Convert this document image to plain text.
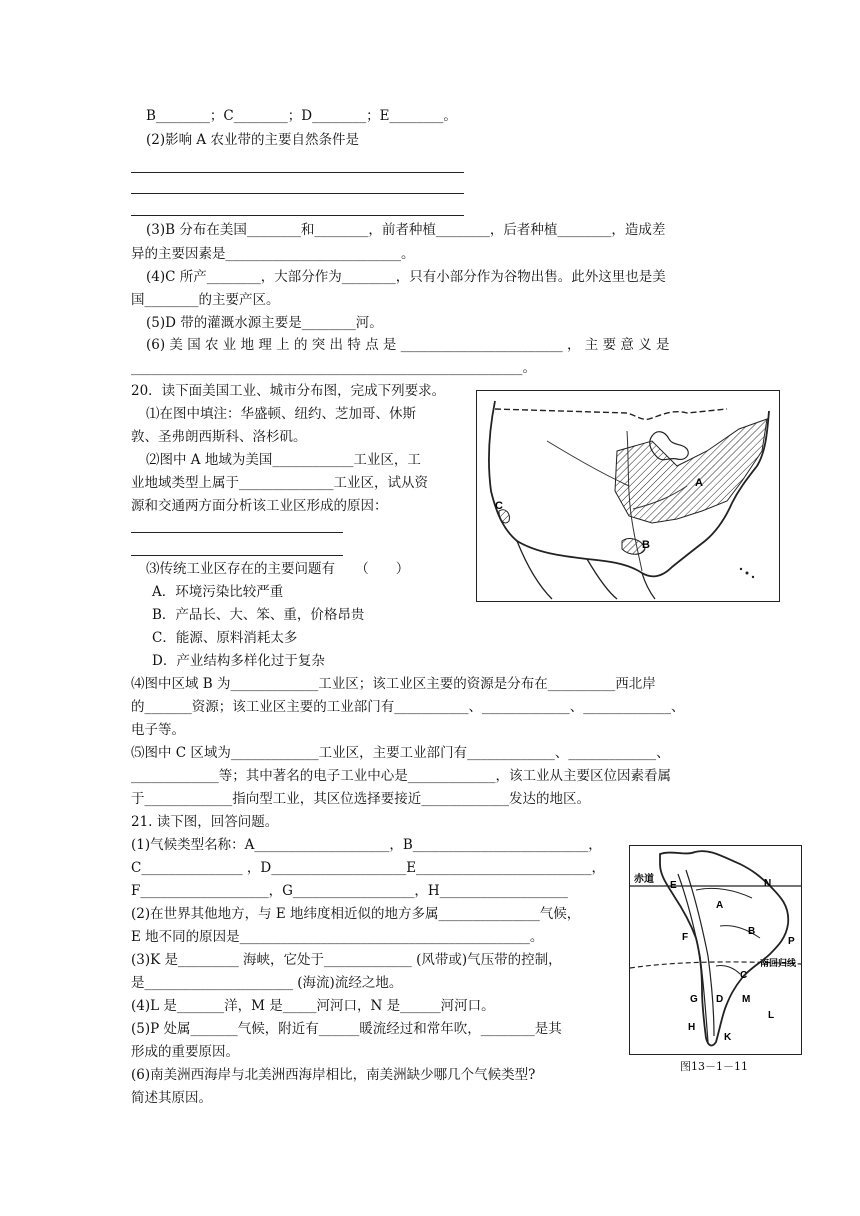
B________；C________；D________；E________。
(2)影响 A 农业带的主要自然条件是
(3)B 分布在美国________和________，前者种植________，后者种植________，造成差
异的主要因素是__________________________。
(4)C 所产________，大部分作为________，只有小部分作为谷物出售。此外这里也是美
国________的主要产区。
(5)D 带的灌溉水源主要是________河。
(6) 美 国 农 业 地 理 上 的 突 出 特 点 是 ________________________ ， 主 要 意 义 是
__________________________________________________________。
20．读下面美国工业、城市分布图，完成下列要求。
⑴在图中填注：华盛顿、纽约、芝加哥、休斯
敦、圣弗朗西斯科、洛杉矶。
⑵图中 A 地域为美国____________工业区，工
业地域类型上属于______________工业区，试从资
源和交通两方面分析该工业区形成的原因：
⑶传统工业区存在的主要问题有　　（　　）
A．环境污染比较严重
B．产品长、大、笨、重，价格昂贵
C．能源、原料消耗太多
D．产业结构多样化过于复杂
⑷图中区域 B 为_____________工业区；该工业区主要的资源是分布在__________西北岸
的_______资源；该工业区主要的工业部门有___________、_____________、_____________、
电子等。
⑸图中 C 区域为_____________工业区，主要工业部门有_____________、_____________、
_____________等；其中著名的电子工业中心是_____________，该工业从主要区位因素看属
于_____________指向型工业，其区位选择要接近_____________发达的地区。
A
B
C
21. 读下图，回答问题。
(1)气候类型名称：A____________________，B__________________________，
C_______________ ，D____________________E__________________________，
F___________________，G__________________，H___________________
(2)在世界其他地方，与 E 地纬度相近似的地方多属_______________气候，
E 地不同的原因是___________________________________________。
(3)K 是_________ 海峡，它处于_____________ (风带或)气压带的控制，
是______________________ (海流)流经之地。
(4)L 是_______洋，M 是_____河河口，N 是______河河口。
(5)P 处属_______气候，附近有______暖流经过和常年吹，________是其
形成的重要原因。
(6)南美洲西海岸与北美洲西海岸相比，南美洲缺少哪几个气候类型?
简述其原因。
赤道
南回归线
E	N
A
B
F	P
C
G D M
L
H
K
图13－1－11
